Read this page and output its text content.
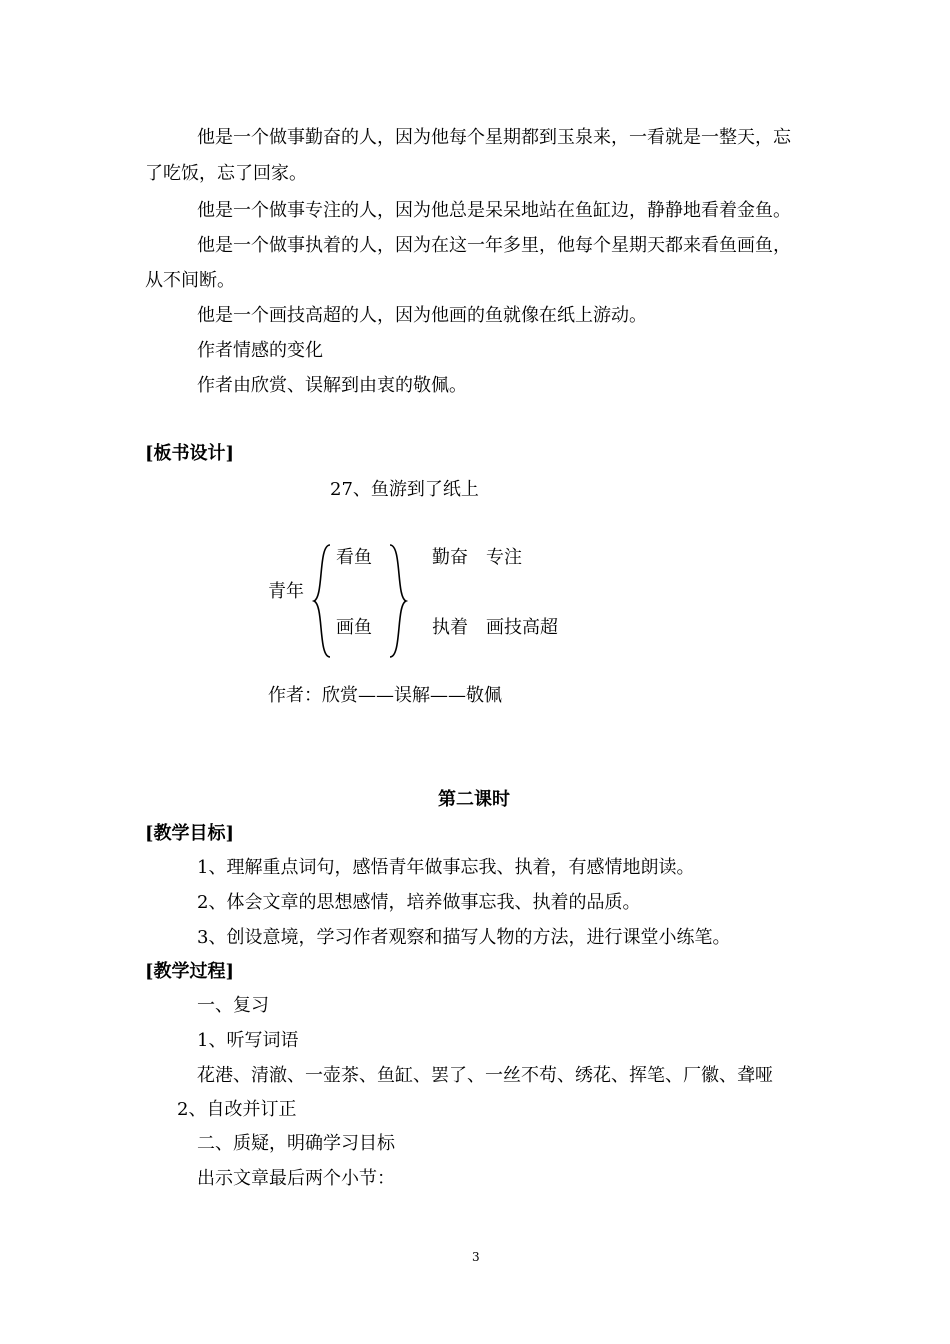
他是一个做事勤奋的人，因为他每个星期都到玉泉来，一看就是一整天，忘
了吃饭，忘了回家。
他是一个做事专注的人，因为他总是呆呆地站在鱼缸边，静静地看着金鱼。
他是一个做事执着的人，因为在这一年多里，他每个星期天都来看鱼画鱼，
从不间断。
他是一个画技高超的人，因为他画的鱼就像在纸上游动。
作者情感的变化
作者由欣赏、误解到由衷的敬佩。
[板书设计]
27、鱼游到了纸上
青年
看鱼
画鱼
勤奋　专注
执着　画技高超
作者：欣赏——误解——敬佩
第二课时
[教学目标]
1、理解重点词句，感悟青年做事忘我、执着，有感情地朗读。
2、体会文章的思想感情，培养做事忘我、执着的品质。
3、创设意境，学习作者观察和描写人物的方法，进行课堂小练笔。
[教学过程]
一、复习
1、听写词语
花港、清澈、一壶茶、鱼缸、罢了、一丝不苟、绣花、挥笔、厂徽、聋哑
2、自改并订正
二、质疑，明确学习目标
出示文章最后两个小节：
3
